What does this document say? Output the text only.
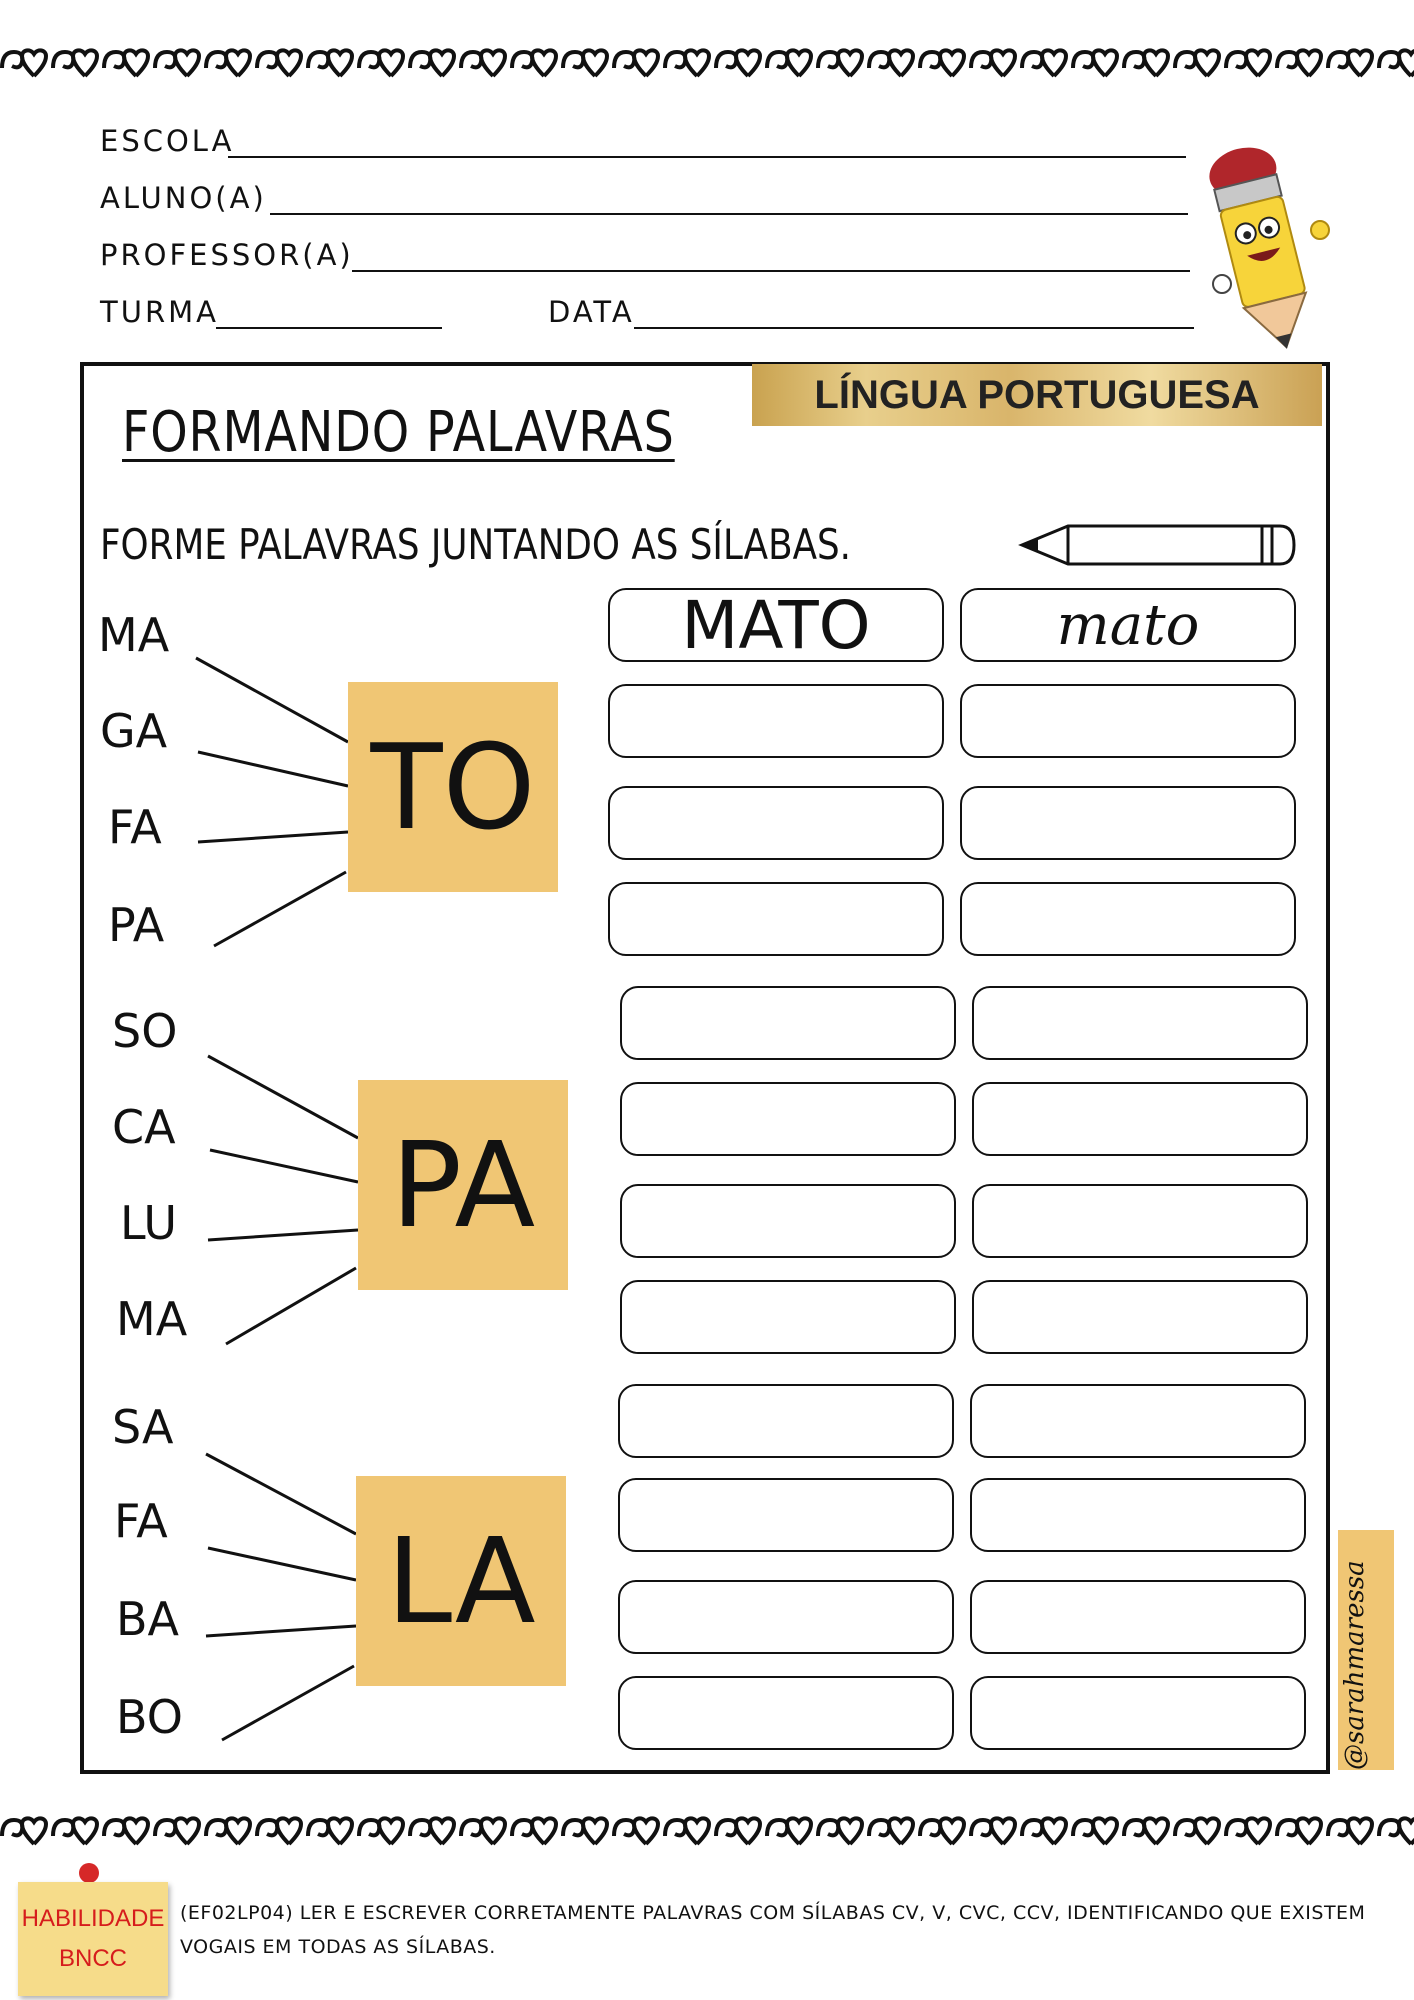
ESCOLA
ALUNO(A)
PROFESSOR(A)
TURMA	DATA
LÍNGUA PORTUGUESA
FORMANDO PALAVRAS
FORME PALAVRAS JUNTANDO AS SÍLABAS.
MA
GA
FA
PA
TO
SO
CA
LU
MA
PA
SA
FA
BA
BO
LA
MATO	mato
@sarahmaressa
HABILIDADE
BNCC
(EF02LP04) LER E ESCREVER CORRETAMENTE PALAVRAS COM SÍLABAS CV, V, CVC, CCV, IDENTIFICANDO QUE EXISTEM VOGAIS EM TODAS AS SÍLABAS.
